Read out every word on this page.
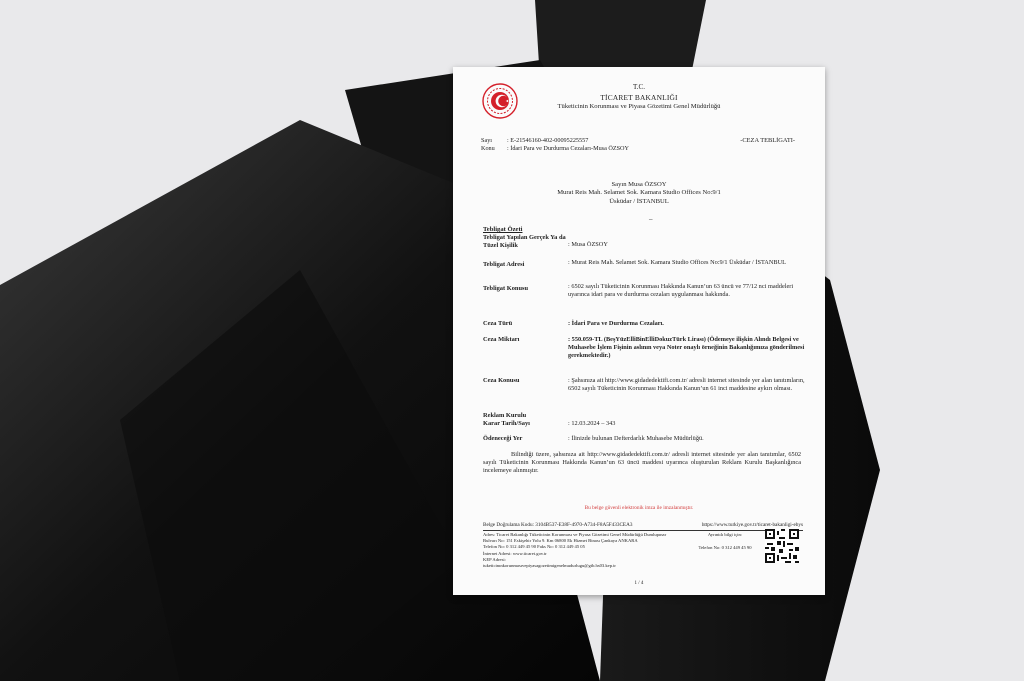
T.C.
TİCARET BAKANLIĞI
Tüketicinin Korunması ve Piyasa Gözetimi Genel Müdürlüğü
Sayı	: E-21546160-402-00095225557
Konu	: İdari Para ve Durdurma Cezaları-Musa ÖZSOY
-CEZA TEBLİGATI-
Sayın Musa ÖZSOY
Murat Reis Mah. Selamet Sok. Kamara Studio Offices No:9/1
Üsküdar / İSTANBUL
–
Tebligat Özeti
Tebligat Yapılan Gerçek Ya da Tüzel Kişilik	: Musa ÖZSOY
Tebligat Adresi	: Murat Reis Mah. Selamet Sok. Kamara Studio Offices No:9/1 Üsküdar / İSTANBUL
Tebligat Konusu	: 6502 sayılı Tüketicinin Korunması Hakkında Kanun’un 63 üncü ve 77/12 nci maddeleri uyarınca idari para ve durdurma cezaları uygulanması hakkında.
Ceza Türü	: İdari Para ve Durdurma Cezaları.
Ceza Miktarı	: 550.059-TL (BeşYüzElliBinElliDokuzTürk Lirası) (Ödemeye ilişkin Alındı Belgesi ve Muhasebe İşlem Fişinin aslının veya Noter onaylı örneğinin Bakanlığımıza gönderilmesi gerekmektedir.)
Ceza Konusu	: Şahsınıza ait http://www.gidadedektifi.com.tr/ adresli internet sitesinde yer alan tanıtımların, 6502 sayılı Tüketicinin Korunması Hakkında Kanun’un 61 inci maddesine aykırı olması.
Reklam Kurulu Karar Tarih/Sayı	: 12.03.2024 – 343
Ödeneceği Yer	: İlinizde bulunan Defterdarlık Muhasebe Müdürlüğü.
Bilindiği üzere, şahsınıza ait http://www.gidadedektifi.com.tr/ adresli internet sitesinde yer alan tanıtımlar, 6502 sayılı Tüketicinin Korunması Hakkında Kanun’un 63 üncü maddesi uyarınca oluşturulan Reklam Kurulu Başkanlığınca incelemeye alınmıştır.
Bu belge güvenli elektronik imza ile imzalanmıştır.
Belge Doğrulama Kodu: 3104B537-E38F-4970-A734-F8A5F433CEA3	https://www.turkiye.gov.tr/ticaret-bakanligi-ebys
Adres: Ticaret Bakanlığı Tüketicinin Korunması ve Piyasa Gözetimi Genel Müdürlüğü Dumlupınar Bulvarı No: 151 Eskişehir Yolu 9. Km 06800 Ek Hizmet Binası Çankaya ANKARA
Telefon No: 0 312 449 45 90 Faks No: 0 312 449 45 05
İnternet Adresi: www.ticaret.gov.tr
KEP Adresi:
tuketicinınkorunmasıvepiyasagozetimigenelmudurlugu@gtb.hs03.kep.tr
Ayrıntılı bilgi için:
Telefon No: 0 312 449 45 90
1 / 4
